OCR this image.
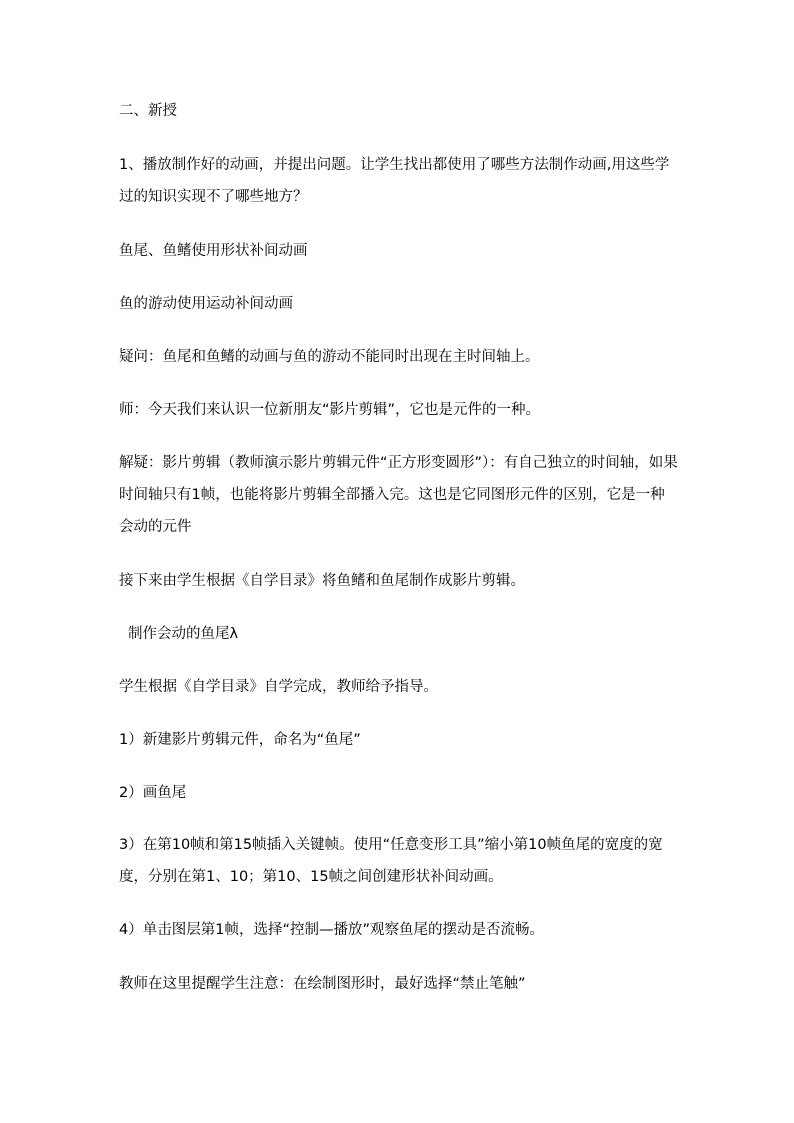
二、新授
1、播放制作好的动画，并提出问题。让学生找出都使用了哪些方法制作动画,用这些学过的知识实现不了哪些地方？
鱼尾、鱼鳍使用形状补间动画
鱼的游动使用运动补间动画
疑问：鱼尾和鱼鳍的动画与鱼的游动不能同时出现在主时间轴上。
师：今天我们来认识一位新朋友“影片剪辑”，它也是元件的一种。
解疑：影片剪辑（教师演示影片剪辑元件“正方形变圆形”）：有自己独立的时间轴，如果时间轴只有1帧，也能将影片剪辑全部播入完。这也是它同图形元件的区别，它是一种会动的元件
接下来由学生根据《自学目录》将鱼鳍和鱼尾制作成影片剪辑。
制作会动的鱼尾λ
学生根据《自学目录》自学完成，教师给予指导。
1）新建影片剪辑元件，命名为“鱼尾”
2）画鱼尾
3）在第10帧和第15帧插入关键帧。使用“任意变形工具”缩小第10帧鱼尾的宽度的宽度，分别在第1、10；第10、15帧之间创建形状补间动画。
4）单击图层第1帧，选择“控制—播放”观察鱼尾的摆动是否流畅。
教师在这里提醒学生注意：在绘制图形时，最好选择“禁止笔触”
